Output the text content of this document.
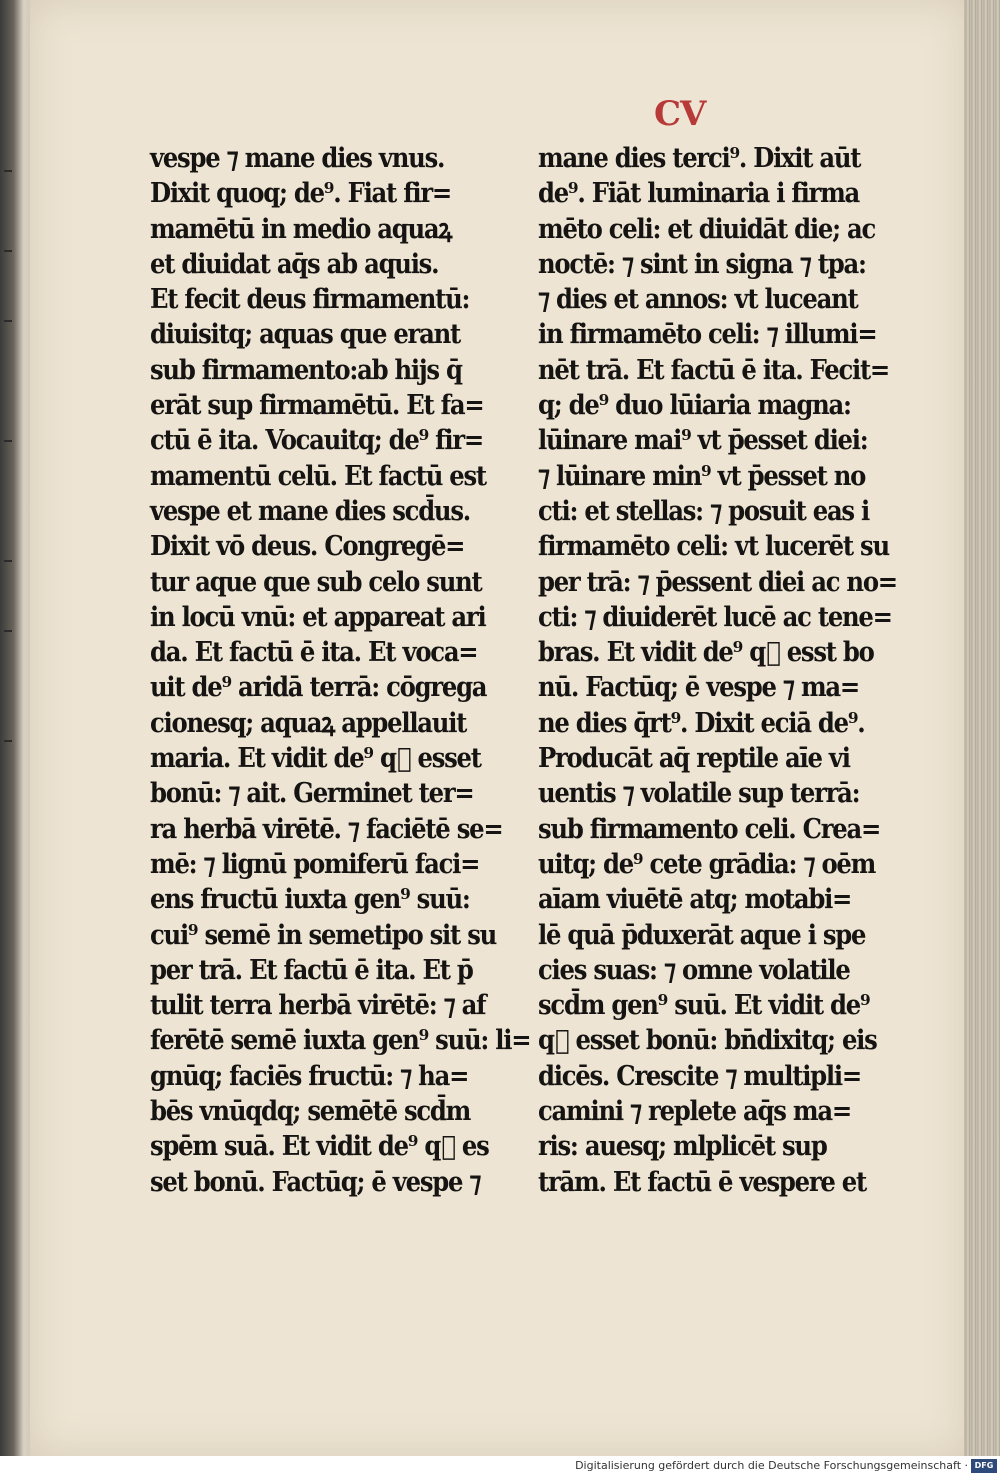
CV
vespe ⁊ mane dies vnus.
Dixit quoq; de⁹. Fiat fir=
mamētū in medio aquaꝝ
et diuidat aq̄s ab aquis.
Et fecit deus firmamentū:
diuisitq; aquas que erant
sub firmamento:ab hijs q̄
erāt sup firmamētū. Et fa=
ctū ē ita. Vocauitq; de⁹ fir=
mamentū celū. Et factū est
vespe et mane dies scd̄us.
Dixit vō deus. Congregē=
tur aque que sub celo sunt
in locū vnū: et appareat ari
da. Et factū ē ita. Et voca=
uit de⁹ aridā terrā: cōgrega
cionesq; aquaꝝ appellauit
maria. Et vidit de⁹ q᷑ esset
bonū: ⁊ ait. Germinet ter=
ra herbā virētē. ⁊ faciētē se=
mē: ⁊ lignū pomiferū faci=
ens fructū iuxta gen⁹ suū:
cui⁹ semē in semetipo sit su
per trā. Et factū ē ita. Et p̄
tulit terra herbā virētē: ⁊ af
ferētē semē iuxta gen⁹ suū: li=
gnūq; faciēs fructū: ⁊ ha=
bēs vnūqdq; semētē scd̄m
spēm suā. Et vidit de⁹ q᷑ es
set bonū. Factūq; ē vespe ⁊
mane dies terci⁹. Dixit aūt
de⁹. Fiāt luminaria i firma
mēto celi: et diuidāt die; ac
noctē: ⁊ sint in signa ⁊ tpa:
⁊ dies et annos: vt luceant
in firmamēto celi: ⁊ illumi=
nēt trā. Et factū ē ita. Fecit=
q; de⁹ duo lūiaria magna:
lūinare mai⁹ vt p̄esset diei:
⁊ lūinare min⁹ vt p̄esset no
cti: et stellas: ⁊ posuit eas i
firmamēto celi: vt lucerēt su
per trā: ⁊ p̄essent diei ac no=
cti: ⁊ diuiderēt lucē ac tene=
bras. Et vidit de⁹ q᷑ esst bo
nū. Factūq; ē vespe ⁊ ma=
ne dies q̄rt⁹. Dixit eciā de⁹.
Producāt aq̄ reptile aīe vi
uentis ⁊ volatile sup terrā:
sub firmamento celi. Crea=
uitq; de⁹ cete grādia: ⁊ oēm
aīam viuētē atq; motabi=
lē quā p̄duxerāt aque i spe
cies suas: ⁊ omne volatile
scd̄m gen⁹ suū. Et vidit de⁹
q᷑ esset bonū: bn̄dixitq; eis
dicēs. Crescite ⁊ multipli=
camini ⁊ replete aq̄s ma=
ris: auesq; mlplicēt sup
trām. Et factū ē vespere et
Digitalisierung gefördert durch die Deutsche Forschungsgemeinschaft · DFG
